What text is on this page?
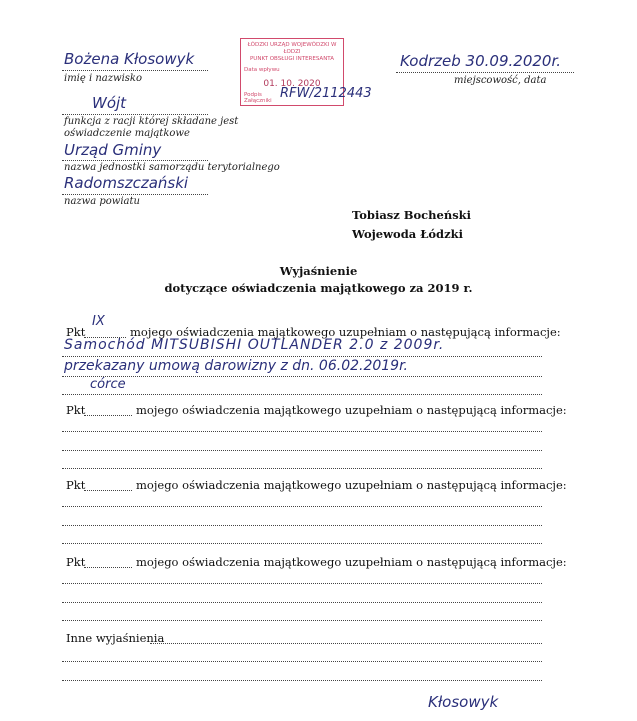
Bożena Kłosowyk
imię i nazwisko
Wójt
funkcja z racji której składane jest
oświadczenie majątkowe
Urząd Gminy
nazwa jednostki samorządu terytorialnego
Radomszczański
nazwa powiatu
ŁÓDZKI URZĄD WOJEWÓDZKI W ŁODZI
PUNKT OBSŁUGI INTERESANTA
Data wpływu
01. 10. 2020
Podpis
Załączniki RFW/2112443
Kodrzeb 30.09.2020r.
miejscowość, data
Tobiasz Bocheński
Wojewoda Łódzki
Wyjaśnienie
dotyczące oświadczenia majątkowego za 2019 r.
Pkt
IX
mojego oświadczenia majątkowego uzupełniam o następującą informacje:
Samochód MITSUBISHI OUTLANDER 2.0 z 2009r.
przekazany umową darowizny z dn. 06.02.2019r.
córce
Pkt	mojego oświadczenia majątkowego uzupełniam o następującą informacje:
Pkt	mojego oświadczenia majątkowego uzupełniam o następującą informacje:
Pkt	mojego oświadczenia majątkowego uzupełniam o następującą informacje:
Inne wyjaśnienia
Kłosowyk
